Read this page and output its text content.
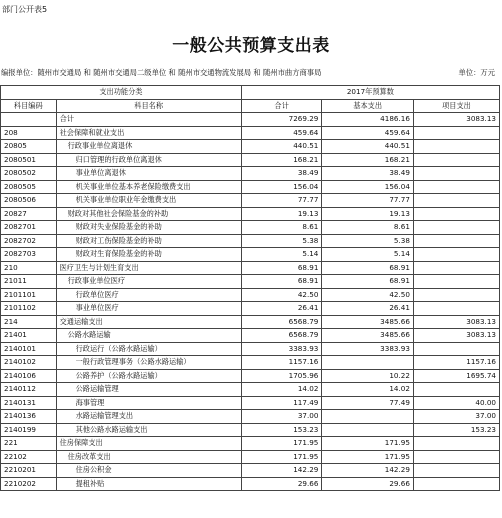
部门公开表5
一般公共预算支出表
编报单位：随州市交通局 和 随州市交通局二级单位 和 随州市交通物流发展局 和 随州市曲方商事局	单位：万元
支出功能分类		2017年预算数		
科目编码	科目名称	合计	基本支出	项目支出
	合计	7269.29	4186.16	3083.13
208	社会保障和就业支出	459.64	459.64	
20805	行政事业单位离退休	440.51	440.51	
2080501	归口管理的行政单位离退休	168.21	168.21	
2080502	事业单位离退休	38.49	38.49	
2080505	机关事业单位基本养老保险缴费支出	156.04	156.04	
2080506	机关事业单位职业年金缴费支出	77.77	77.77	
20827	财政对其他社会保险基金的补助	19.13	19.13	
2082701	财政对失业保险基金的补助	8.61	8.61	
2082702	财政对工伤保险基金的补助	5.38	5.38	
2082703	财政对生育保险基金的补助	5.14	5.14	
210	医疗卫生与计划生育支出	68.91	68.91	
21011	行政事业单位医疗	68.91	68.91	
2101101	行政单位医疗	42.50	42.50	
2101102	事业单位医疗	26.41	26.41	
214	交通运输支出	6568.79	3485.66	3083.13
21401	公路水路运输	6568.79	3485.66	3083.13
2140101	行政运行（公路水路运输）	3383.93	3383.93	
2140102	一般行政管理事务（公路水路运输）	1157.16		1157.16
2140106	公路养护（公路水路运输）	1705.96	10.22	1695.74
2140112	公路运输管理	14.02	14.02	
2140131	海事管理	117.49	77.49	40.00
2140136	水路运输管理支出	37.00		37.00
2140199	其他公路水路运输支出	153.23		153.23
221	住房保障支出	171.95	171.95	
22102	住房改革支出	171.95	171.95	
2210201	住房公积金	142.29	142.29	
2210202	提租补贴	29.66	29.66	
